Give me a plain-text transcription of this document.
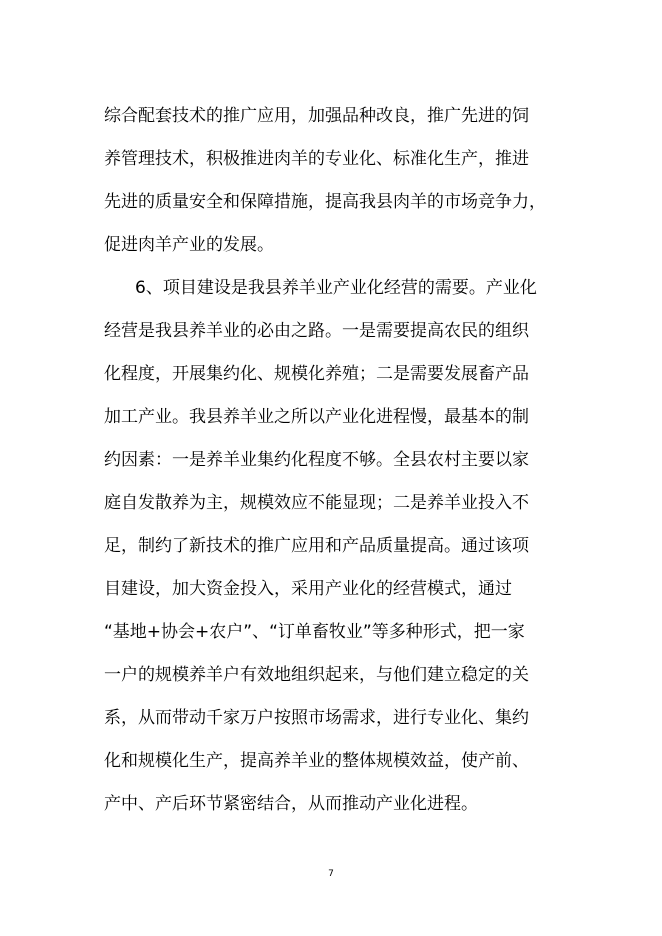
综合配套技术的推广应用，加强品种改良，推广先进的饲
养管理技术，积极推进肉羊的专业化、标准化生产，推进
先进的质量安全和保障措施，提高我县肉羊的市场竞争力，
促进肉羊产业的发展。
6、项目建设是我县养羊业产业化经营的需要。产业化
经营是我县养羊业的必由之路。一是需要提高农民的组织
化程度，开展集约化、规模化养殖；二是需要发展畜产品
加工产业。我县养羊业之所以产业化进程慢，最基本的制
约因素：一是养羊业集约化程度不够。全县农村主要以家
庭自发散养为主，规模效应不能显现；二是养羊业投入不
足，制约了新技术的推广应用和产品质量提高。通过该项
目建设，加大资金投入，采用产业化的经营模式，通过
“基地+协会+农户”、“订单畜牧业”等多种形式，把一家
一户的规模养羊户有效地组织起来，与他们建立稳定的关
系，从而带动千家万户按照市场需求，进行专业化、集约
化和规模化生产，提高养羊业的整体规模效益，使产前、
产中、产后环节紧密结合，从而推动产业化进程。
7
